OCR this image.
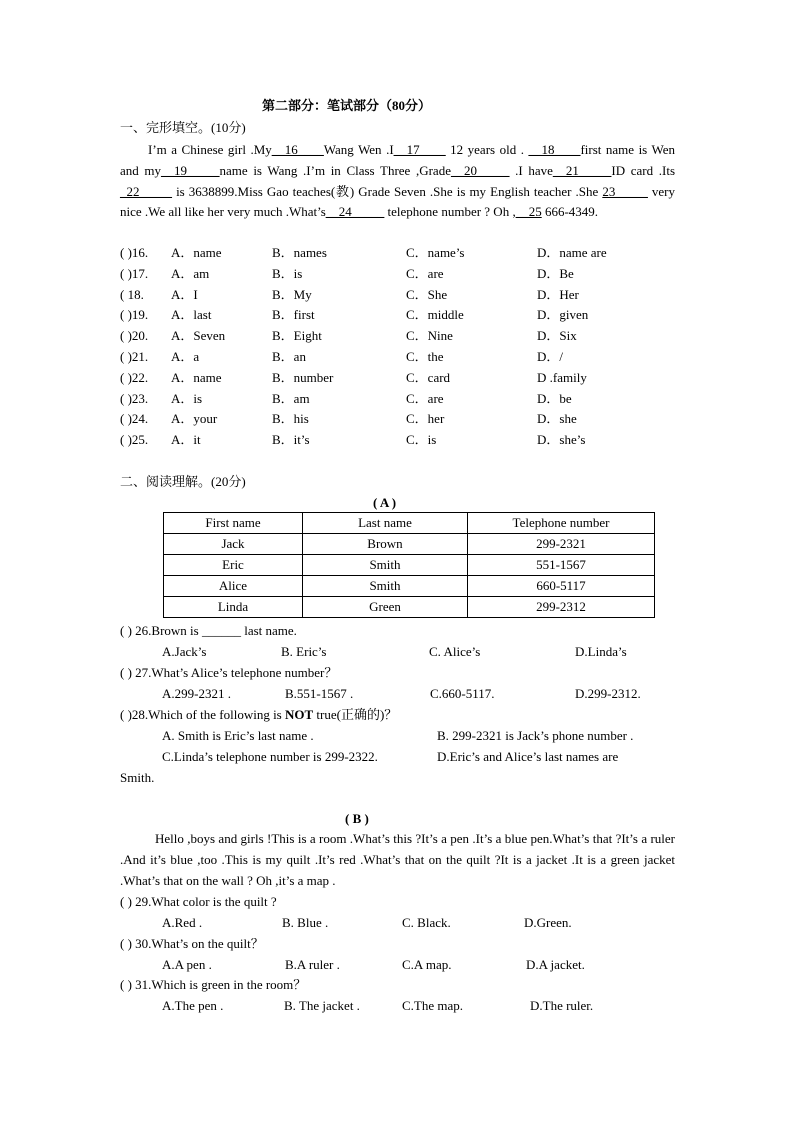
第二部分：笔试部分（80分）
一、完形填空。(10分)
I’m a Chinese girl .My__16____Wang Wen .I__17____ 12 years old . __18____first name is Wen and my__19_____name is Wang .I’m in Class Three ,Grade__20_____ .I have__21_____ID card .Its _22_____ is 3638899.Miss Gao teaches(教) Grade Seven .She is my English teacher .She 23_____ very nice .We all like her very much .What’s__24_____ telephone number ? Oh ,__25 666-4349.
( )16. A．name	B．names	C．name’s	D．name are
( )17. A．am	B．is	C．are	D．Be
( 18. A．I	B．My	C．She	D．Her
( )19. A．last	B．first	C．middle	D．given
( )20. A．Seven	B．Eight	C．Nine	D．Six
( )21. A．a	B．an	C．the	D．/
( )22. A．name	B．number	C．card	D .family
( )23. A．is	B．am	C．are	D．be
( )24. A．your	B．his	C．her	D．she
( )25. A．it	B．it’s	C．is	D．she’s
二、阅读理解。(20分)
( A )
First name	Last name	Telephone number
Jack	Brown	299-2321
Eric	Smith	551-1567
Alice	Smith	660-5117
Linda	Green	299-2312
( ) 26.Brown is ______ last name.
A.Jack’s	B. Eric’s	C. Alice’s	D.Linda’s
( ) 27.What’s Alice’s telephone number？
A.299-2321 .	B.551-1567 .	C.660-5117.	D.299-2312.
( )28.Which of the following is NOT true(正确的)？
A. Smith is Eric’s last name .	B. 299-2321 is Jack’s phone number .
C.Linda’s telephone number is 299-2322.	D.Eric’s and Alice’s last names are
Smith.
( B )
Hello ,boys and girls !This is a room .What’s this ?It’s a pen .It’s a blue pen.What’s that ?It’s a ruler .And it’s blue ,too .This is my quilt .It’s red .What’s that on the quilt ?It is a jacket .It is a green jacket .What’s that on the wall ? Oh ,it’s a map .
( ) 29.What color is the quilt ?
A.Red .	B. Blue .	C. Black.	D.Green.
( ) 30.What’s on the quilt？
A.A pen .	B.A ruler .	C.A map.	D.A jacket.
( ) 31.Which is green in the room？
A.The pen .	B. The jacket .	C.The map.	D.The ruler.
